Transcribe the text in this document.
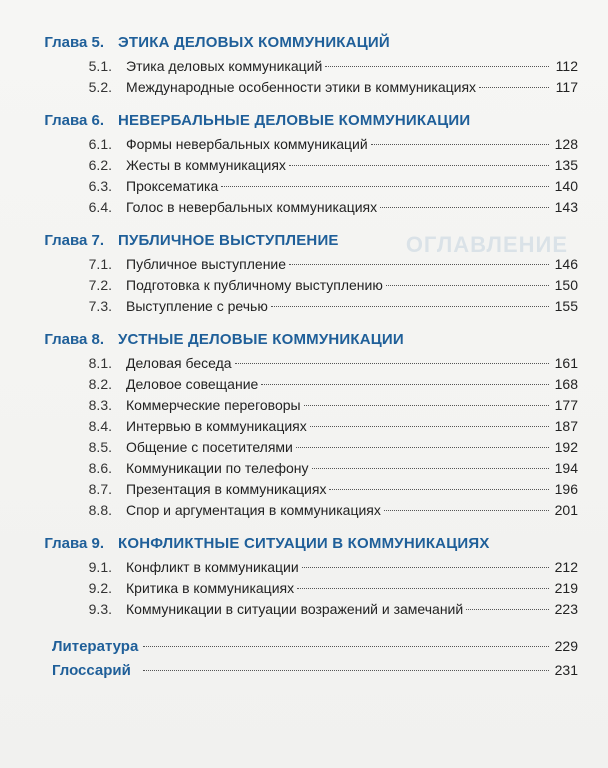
ОГЛАВЛЕНИЕ
Глава 5. ЭТИКА ДЕЛОВЫХ КОММУНИКАЦИЙ
5.1.	Этика деловых коммуникаций	112
5.2.	Международные особенности этики в коммуникациях	117
Глава 6. НЕВЕРБАЛЬНЫЕ ДЕЛОВЫЕ КОММУНИКАЦИИ
6.1.	Формы невербальных коммуникаций	128
6.2.	Жесты в коммуникациях	135
6.3.	Проксематика	140
6.4.	Голос в невербальных коммуникациях	143
Глава 7. ПУБЛИЧНОЕ ВЫСТУПЛЕНИЕ
7.1.	Публичное выступление	146
7.2.	Подготовка к публичному выступлению	150
7.3.	Выступление с речью	155
Глава 8. УСТНЫЕ ДЕЛОВЫЕ КОММУНИКАЦИИ
8.1.	Деловая беседа	161
8.2.	Деловое совещание	168
8.3.	Коммерческие переговоры	177
8.4.	Интервью в коммуникациях	187
8.5.	Общение с посетителями	192
8.6.	Коммуникации по телефону	194
8.7.	Презентация в коммуникациях	196
8.8.	Спор и аргументация в коммуникациях	201
Глава 9. КОНФЛИКТНЫЕ СИТУАЦИИ В КОММУНИКАЦИЯХ
9.1.	Конфликт в коммуникации	212
9.2.	Критика в коммуникациях	219
9.3.	Коммуникации в ситуации возражений и замечаний	223
Литература	229
Глоссарий	231
